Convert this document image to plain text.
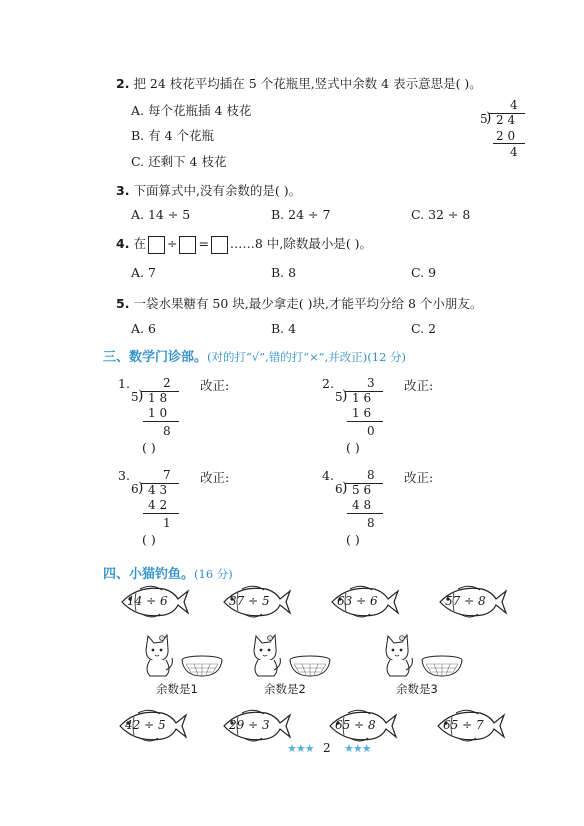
2. 把 24 枝花平均插在 5 个花瓶里,竖式中余数 4 表示意思是( )。
A. 每个花瓶插 4 枝花
B. 有 4 个花瓶
C. 还剩下 4 枝花
4
5
) 2 4
2 0
4
3. 下面算式中,没有余数的是( )。
A. 14 ÷ 5	B. 24 ÷ 7	C. 32 ÷ 8
4. 在 ÷ = ……8 中,除数最小是( )。
A. 7	B. 8	C. 9
5. 一袋水果糖有 50 块,最少拿走( )块,才能平均分给 8 个小朋友。
A. 6	B. 4	C. 2
三、数学门诊部。(对的打“√”,错的打“×”,并改正)(12 分)
1.	2
5 ) 1 8
1 0
8
改正:
( )
2.	3
5 ) 1 6
1 6
0
改正:
( )
3.	7
6 ) 4 3
4 2
1
改正:
( )
4.	8
6 ) 5 6
4 8
8
改正:
( )
四、小猫钓鱼。(16 分)
14 ÷ 6	37 ÷ 5	63 ÷ 6	57 ÷ 8
42 ÷ 5	29 ÷ 3	65 ÷ 8	65 ÷ 7
余数是1	余数是2	余数是3
★★★ 2 ★★★
